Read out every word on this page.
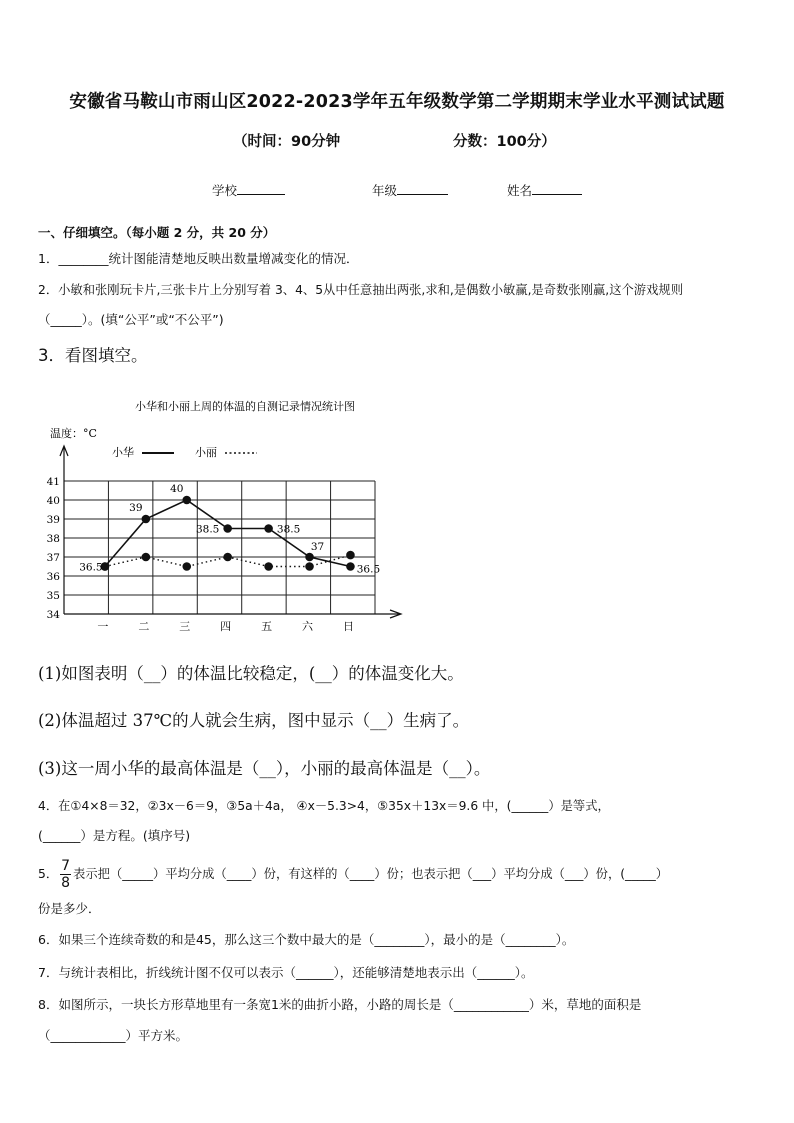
安徽省马鞍山市雨山区2022-2023学年五年级数学第二学期期末学业水平测试试题
（时间：90分钟	分数：100分）
学校	年级	姓名
一、仔细填空。（每小题 2 分，共 20 分）
1．________统计图能清楚地反映出数量增减变化的情况．
2．小敏和张刚玩卡片,三张卡片上分别写着 3、4、5从中任意抽出两张,求和,是偶数小敏赢,是奇数张刚赢,这个游戏规则
（_____）。(填“公平”或“不公平”)
3．看图填空。
小华和小丽上周的体温的自测记录情况统计图
温度：°C
小华	小丽
34
35
36
37
38
39
40
41
一	二	三	四	五	六	日
36.5
39
40
38.5	38.5
37
36.5
(1)如图表明（__）的体温比较稳定，(__）的体温变化大。
(2)体温超过 37℃的人就会生病，图中显示（__）生病了。
(3)这一周小华的最高体温是（__），小丽的最高体温是（__）。
4．在①4×8＝32，②3x－6＝9，③5a＋4a， ④x－5.3>4，⑤35x＋13x＝9.6 中，(______）是等式，
(______）是方程。(填序号)
5． $\frac{7}{8}$ 表示把（_____）平均分成（____）份，有这样的（____）份；也表示把（___）平均分成（___）份，(_____）
份是多少．
6．如果三个连续奇数的和是45，那么这三个数中最大的是（________），最小的是（________）。
7．与统计表相比，折线统计图不仅可以表示（______），还能够清楚地表示出（______）。
8．如图所示，一块长方形草地里有一条宽1米的曲折小路，小路的周长是（____________）米，草地的面积是
（____________）平方米。
